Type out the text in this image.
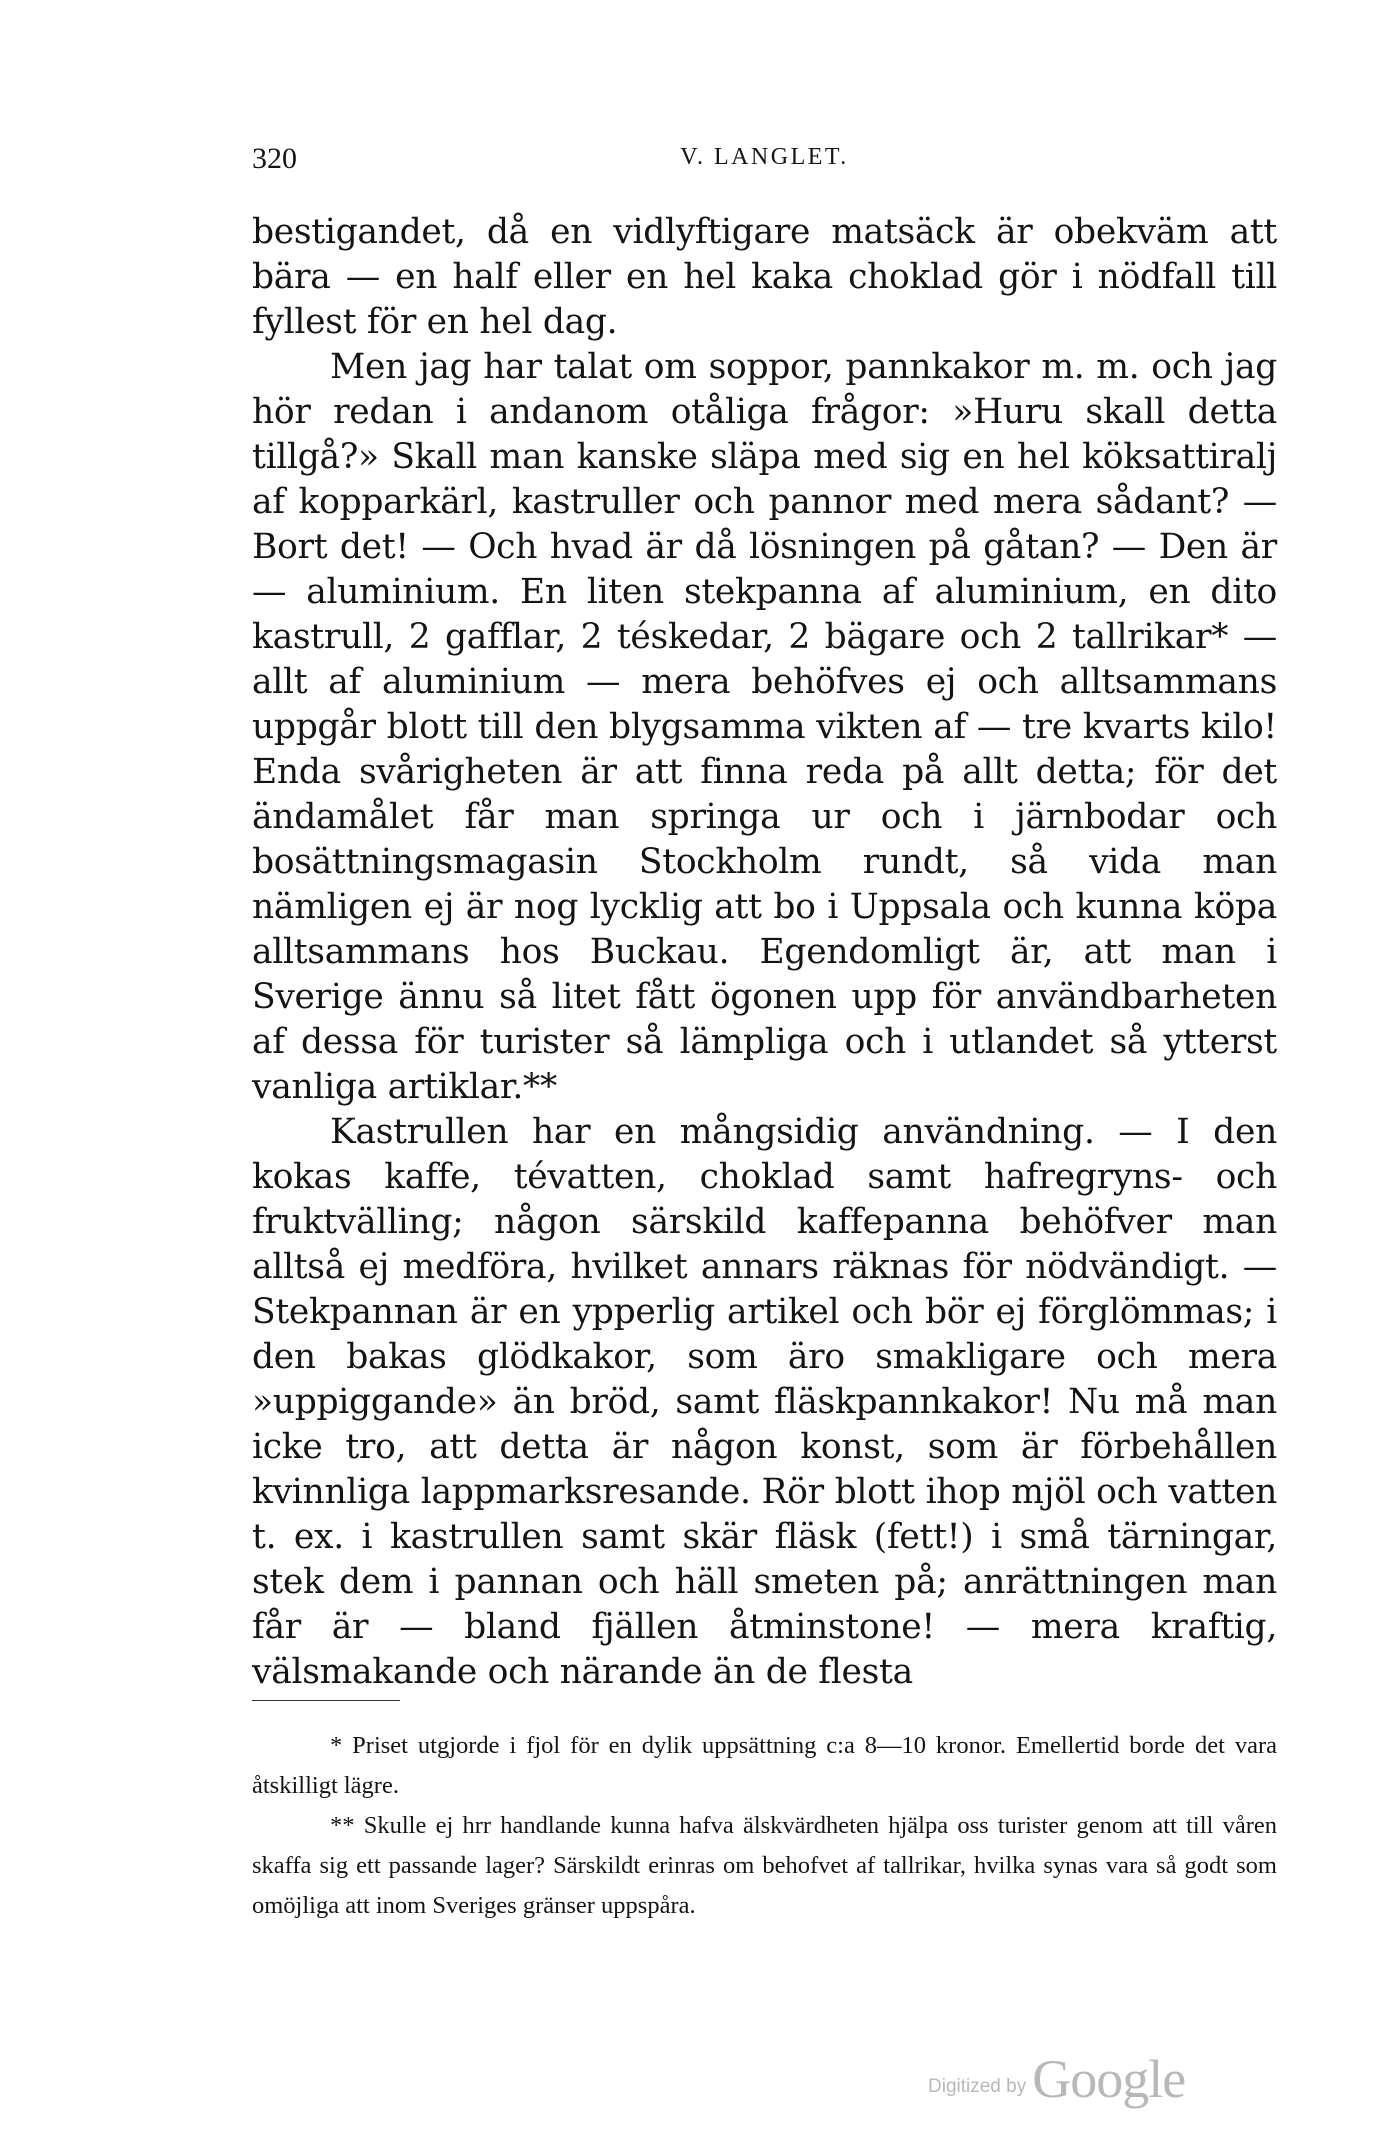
320	V. LANGLET.

bestigandet, då en vidlyftigare matsäck är obekväm att bära — en half eller en hel kaka choklad gör i nödfall till fyllest för en hel dag.

Men jag har talat om soppor, pannkakor m. m. och jag hör redan i andanom otåliga frågor: »Huru skall detta tillgå?» Skall man kanske släpa med sig en hel köksattiralj af kopparkärl, kastruller och pannor med mera sådant? — Bort det! — Och hvad är då lösningen på gåtan? — Den är — aluminium. En liten stekpanna af aluminium, en dito kastrull, 2 gafflar, 2 téskedar, 2 bägare och 2 tallrikar* — allt af aluminium — mera behöfves ej och alltsammans uppgår blott till den blygsamma vikten af — tre kvarts kilo! Enda svårigheten är att finna reda på allt detta; för det ändamålet får man springa ur och i järnbodar och bosättningsmagasin Stockholm rundt, så vida man nämligen ej är nog lycklig att bo i Uppsala och kunna köpa alltsammans hos Buckau. Egendomligt är, att man i Sverige ännu så litet fått ögonen upp för användbarheten af dessa för turister så lämpliga och i utlandet så ytterst vanliga artiklar.**

Kastrullen har en mångsidig användning. — I den kokas kaffe, tévatten, choklad samt hafregryns- och fruktvälling; någon särskild kaffepanna behöfver man alltså ej medföra, hvilket annars räknas för nödvändigt. — Stekpannan är en ypperlig artikel och bör ej förglömmas; i den bakas glödkakor, som äro smakligare och mera »uppiggande» än bröd, samt fläskpannkakor! Nu må man icke tro, att detta är någon konst, som är förbehållen kvinnliga lappmarksresande. Rör blott ihop mjöl och vatten t. ex. i kastrullen samt skär fläsk (fett!) i små tärningar, stek dem i pannan och häll smeten på; anrättningen man får är — bland fjällen åtminstone! — mera kraftig, välsmakande och närande än de flesta

* Priset utgjorde i fjol för en dylik uppsättning c:a 8—10 kronor. Emellertid borde det vara åtskilligt lägre.

** Skulle ej hrr handlande kunna hafva älskvärdheten hjälpa oss turister genom att till våren skaffa sig ett passande lager? Särskildt erinras om behofvet af tallrikar, hvilka synas vara så godt som omöjliga att inom Sveriges gränser uppspåra.

Digitized by Google
